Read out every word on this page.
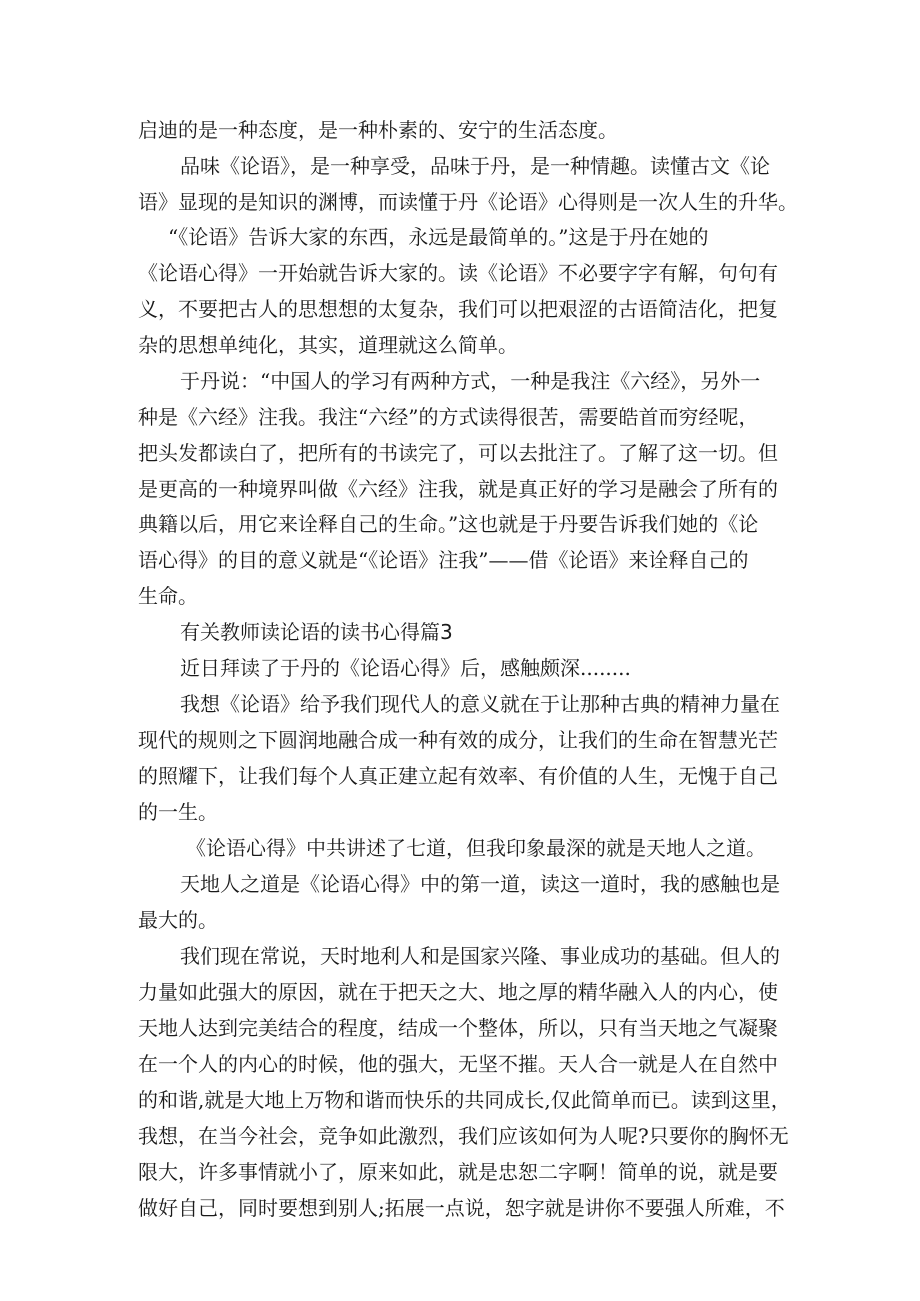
启迪的是一种态度，是一种朴素的、安宁的生活态度。
品味《论语》，是一种享受，品味于丹，是一种情趣。读懂古文《论
语》显现的是知识的渊博，而读懂于丹《论语》心得则是一次人生的升华。
“《论语》告诉大家的东西，永远是最简单的。”这是于丹在她的
《论语心得》一开始就告诉大家的。读《论语》不必要字字有解，句句有
义，不要把古人的思想想的太复杂，我们可以把艰涩的古语简洁化，把复
杂的思想单纯化，其实，道理就这么简单。
于丹说：“中国人的学习有两种方式，一种是我注《六经》，另外一
种是《六经》注我。我注“六经”的方式读得很苦，需要皓首而穷经呢，
把头发都读白了，把所有的书读完了，可以去批注了。了解了这一切。但
是更高的一种境界叫做《六经》注我，就是真正好的学习是融会了所有的
典籍以后，用它来诠释自己的生命。”这也就是于丹要告诉我们她的《论
语心得》的目的意义就是“《论语》注我”——借《论语》来诠释自己的
生命。
有关教师读论语的读书心得篇3
近日拜读了于丹的《论语心得》后，感触颇深........
我想《论语》给予我们现代人的意义就在于让那种古典的精神力量在
现代的规则之下圆润地融合成一种有效的成分，让我们的生命在智慧光芒
的照耀下，让我们每个人真正建立起有效率、有价值的人生，无愧于自己
的一生。
《论语心得》中共讲述了七道，但我印象最深的就是天地人之道。
天地人之道是《论语心得》中的第一道，读这一道时，我的感触也是
最大的。
我们现在常说，天时地利人和是国家兴隆、事业成功的基础。但人的
力量如此强大的原因，就在于把天之大、地之厚的精华融入人的内心，使
天地人达到完美结合的程度，结成一个整体，所以，只有当天地之气凝聚
在一个人的内心的时候，他的强大，无坚不摧。天人合一就是人在自然中
的和谐,就是大地上万物和谐而快乐的共同成长,仅此简单而已。读到这里，
我想，在当今社会，竞争如此激烈，我们应该如何为人呢?只要你的胸怀无
限大，许多事情就小了，原来如此，就是忠恕二字啊！简单的说，就是要
做好自己，同时要想到别人;拓展一点说，恕字就是讲你不要强人所难，不
